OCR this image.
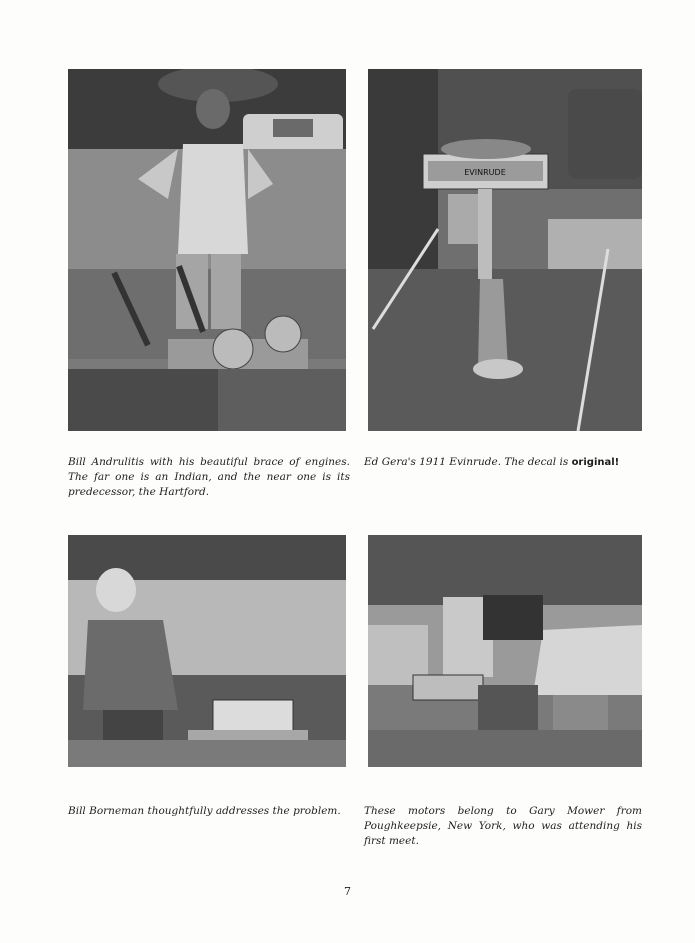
EVINRUDE
Bill Andrulitis with his beautiful brace of engines. The far one is an Indian, and the near one is its predecessor, the Hartford.
Ed Gera's 1911 Evinrude. The decal is original!
Bill Borneman thoughtfully addresses the problem.	These motors belong to Gary Mower from Poughkeepsie, New York, who was attending his first meet.
7
